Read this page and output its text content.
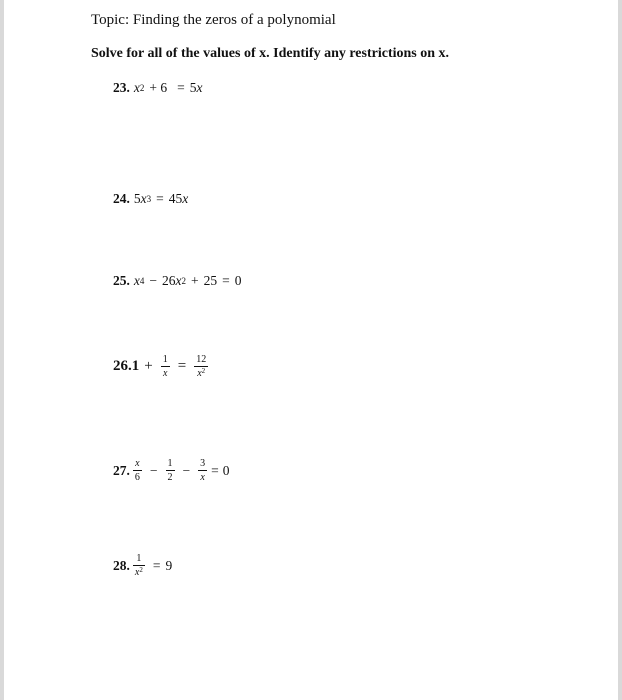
Topic: Finding the zeros of a polynomial
Solve for all of the values of x. Identify any restrictions on x.
23. x 2 + 6 = 5 x
24. 5 x 3 = 45 x
25. x 4 − 26 x 2 + 25 = 0
26. $1 + \frac{1}{x} = \frac{12}{x^2}$
27. $\frac{x}{6} - \frac{1}{2} - \frac{3}{x} = 0$
28. $\frac{1}{x^2} = 9$
